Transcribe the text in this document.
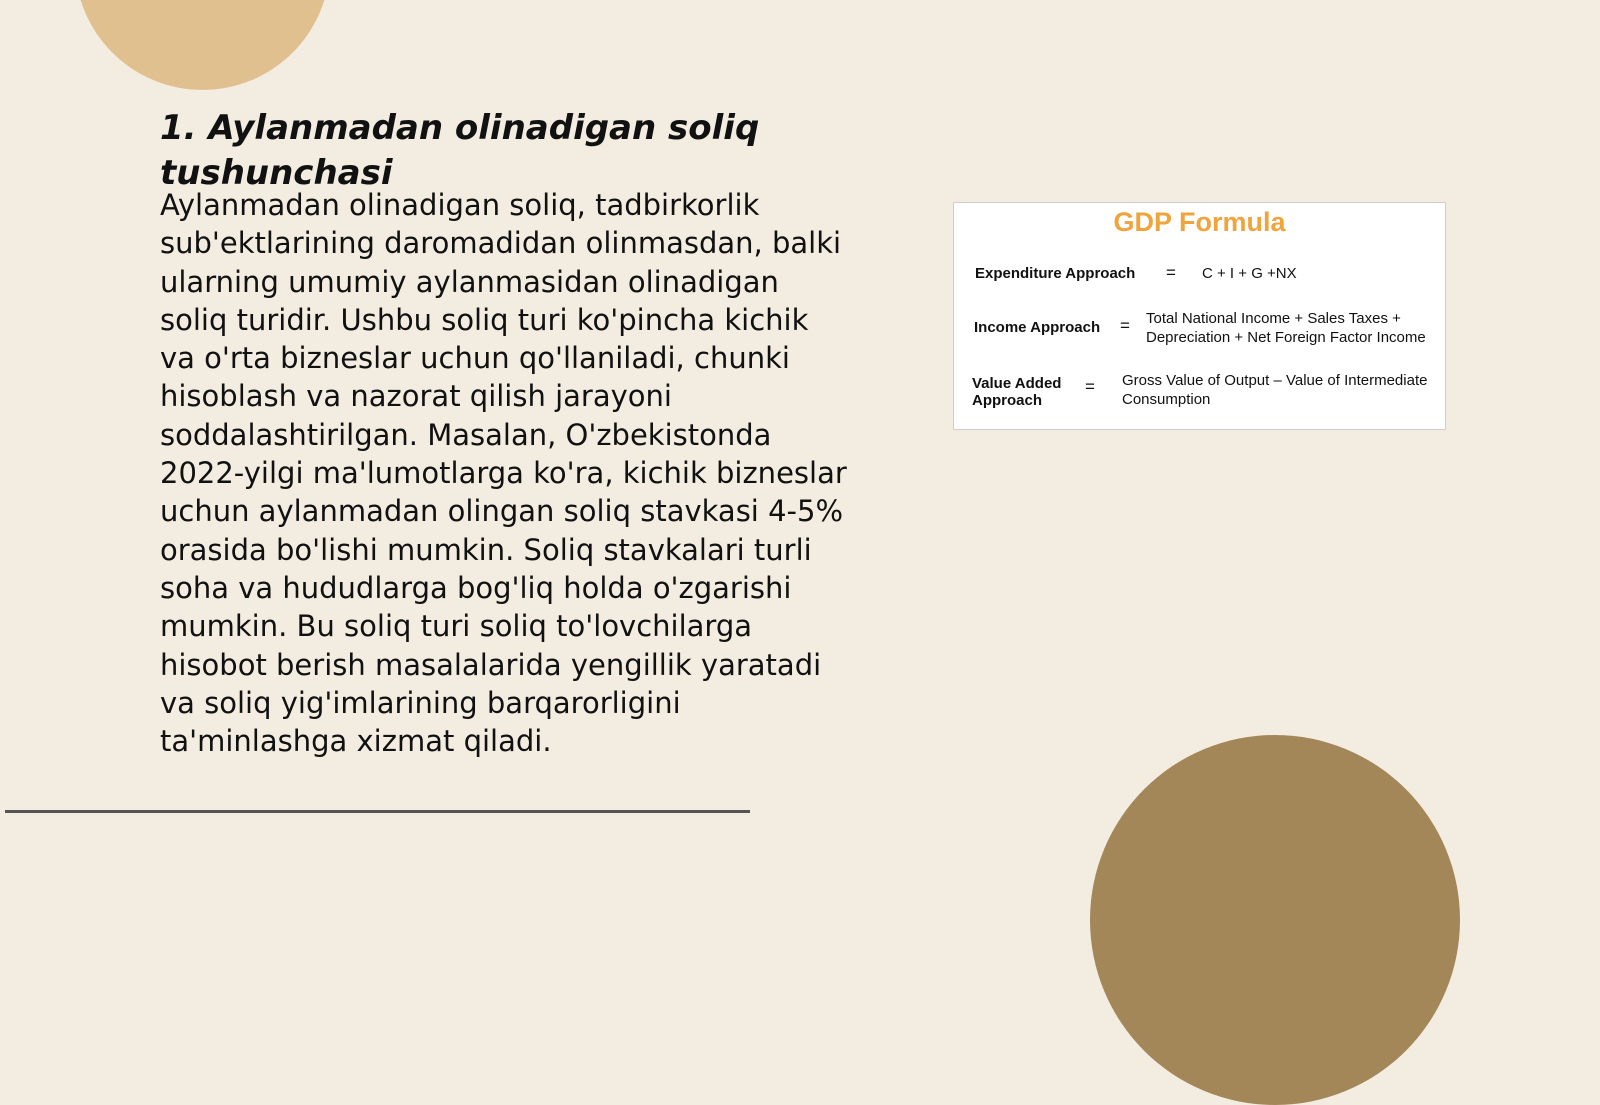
1. Aylanmadan olinadigan soliq tushunchasi

Aylanmadan olinadigan soliq, tadbirkorlik sub'ektlarining daromadidan olinmasdan, balki ularning umumiy aylanmasidan olinadigan soliq turidir. Ushbu soliq turi ko'pincha kichik va o'rta bizneslar uchun qo'llaniladi, chunki hisoblash va nazorat qilish jarayoni soddalashtirilgan. Masalan, O'zbekistonda 2022-yilgi ma'lumotlarga ko'ra, kichik bizneslar uchun aylanmadan olingan soliq stavkasi 4-5% orasida bo'lishi mumkin. Soliq stavkalari turli soha va hududlarga bog'liq holda o'zgarishi mumkin. Bu soliq turi soliq to'lovchilarga hisobot berish masalalarida yengillik yaratadi va soliq yig'imlarining barqarorligini ta'minlashga xizmat qiladi.

GDP Formula
Expenditure Approach = C + I + G +NX
Income Approach = Total National Income + Sales Taxes + Depreciation + Net Foreign Factor Income
Value Added Approach
= Gross Value of Output – Value of Intermediate Consumption
